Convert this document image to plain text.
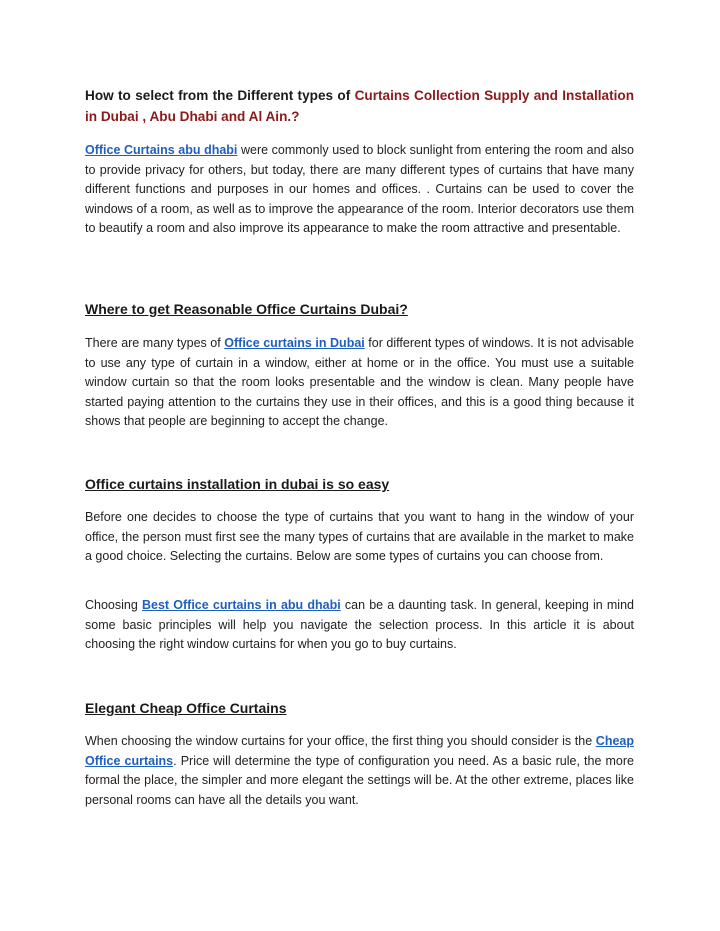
How to select from the Different types of Curtains Collection Supply and Installation in Dubai , Abu Dhabi and Al Ain.?

Office Curtains abu dhabi were commonly used to block sunlight from entering the room and also to provide privacy for others, but today, there are many different types of curtains that have many different functions and purposes in our homes and offices. . Curtains can be used to cover the windows of a room, as well as to improve the appearance of the room. Interior decorators use them to beautify a room and also improve its appearance to make the room attractive and presentable.

Where to get Reasonable Office Curtains Dubai?

There are many types of Office curtains in Dubai for different types of windows. It is not advisable to use any type of curtain in a window, either at home or in the office. You must use a suitable window curtain so that the room looks presentable and the window is clean. Many people have started paying attention to the curtains they use in their offices, and this is a good thing because it shows that people are beginning to accept the change.

Office curtains installation in dubai is so easy

Before one decides to choose the type of curtains that you want to hang in the window of your office, the person must first see the many types of curtains that are available in the market to make a good choice. Selecting the curtains. Below are some types of curtains you can choose from.

Choosing Best Office curtains in abu dhabi can be a daunting task. In general, keeping in mind some basic principles will help you navigate the selection process. In this article it is about choosing the right window curtains for when you go to buy curtains.

Elegant Cheap Office Curtains

When choosing the window curtains for your office, the first thing you should consider is the Cheap Office curtains. Price will determine the type of configuration you need. As a basic rule, the more formal the place, the simpler and more elegant the settings will be. At the other extreme, places like personal rooms can have all the details you want.
